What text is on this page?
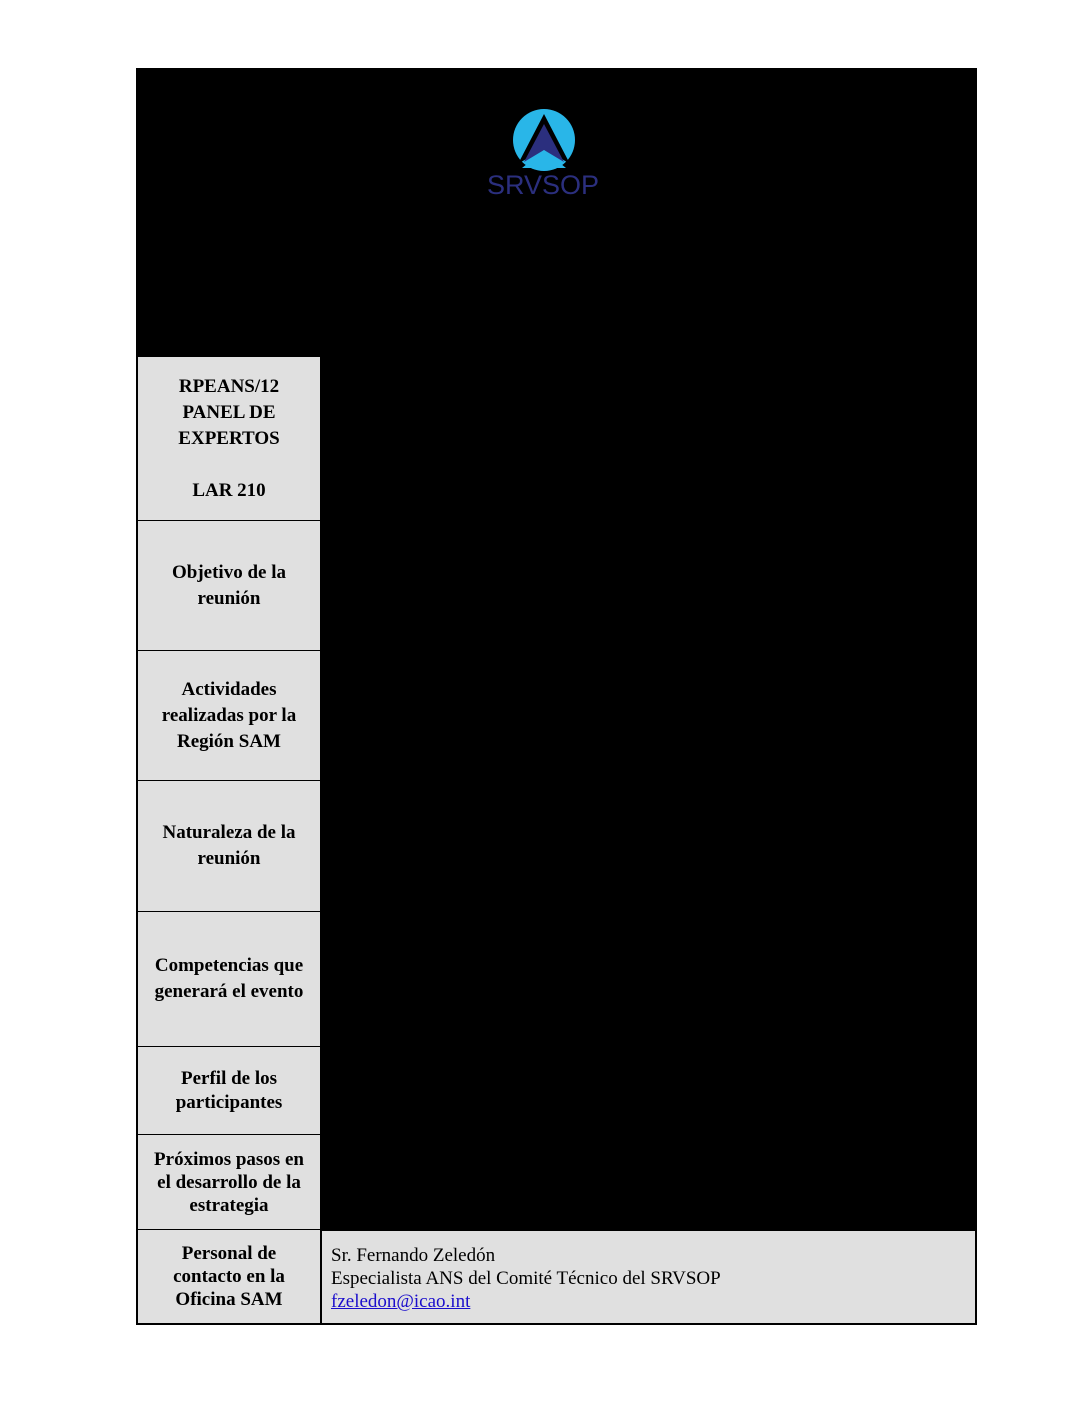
SRVSOP
RPEANS/12
PANEL DE
EXPERTOS

LAR 210
Objetivo de la reunión
Actividades realizadas por la Región SAM
Naturaleza de la reunión
Competencias que generará el evento
Perfil de los participantes
Próximos pasos en el desarrollo de la estrategia
Personal de contacto en la Oficina SAM
Sr. Fernando Zeledón
Especialista ANS del Comité Técnico del SRVSOP
fzeledon@icao.int
